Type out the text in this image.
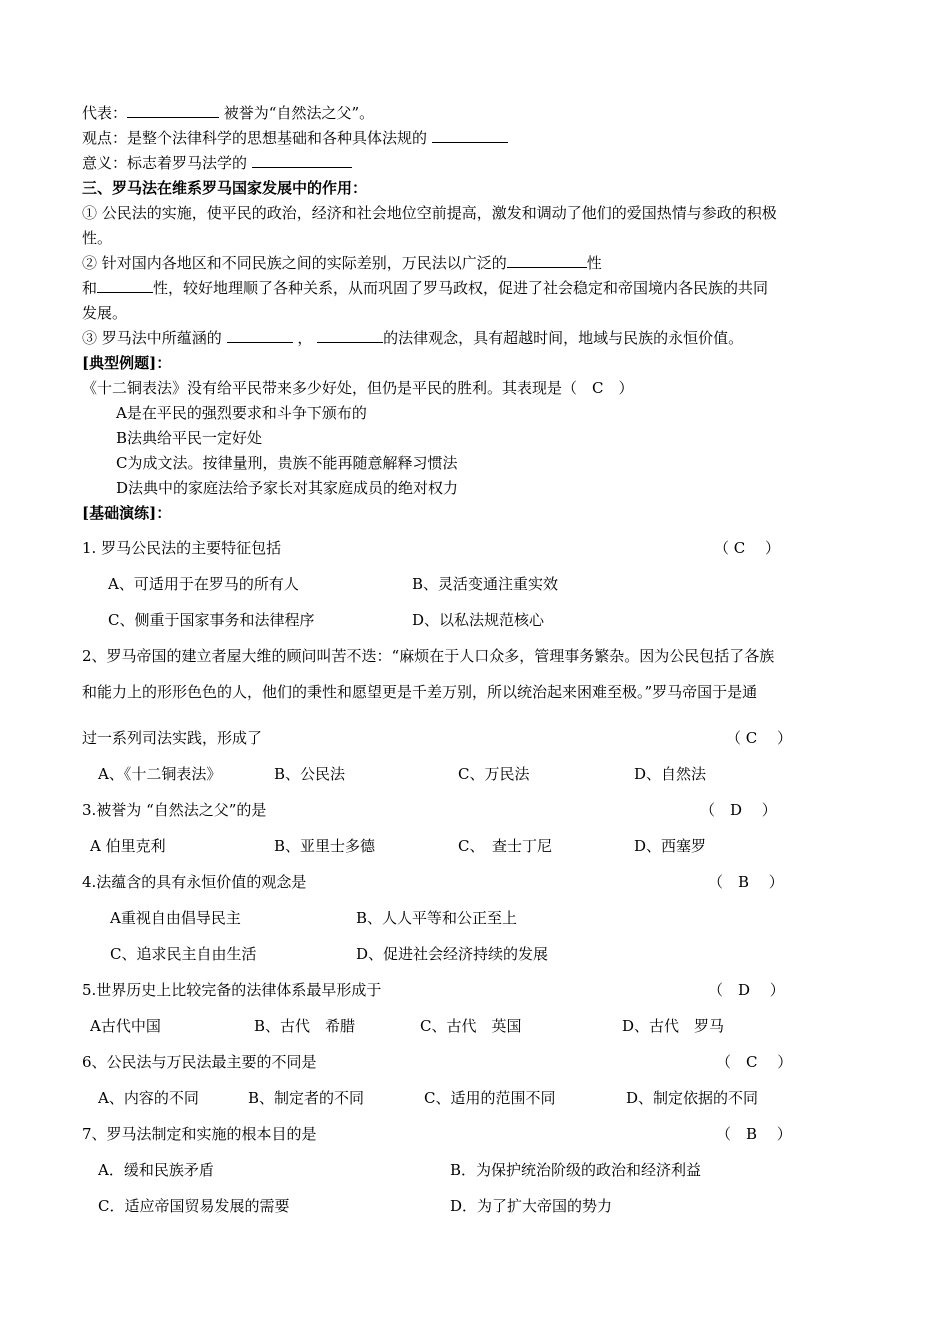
代表：	被誉为“自然法之父”。
观点：是整个法律科学的思想基础和各种具体法规的
意义：标志着罗马法学的
三、罗马法在维系罗马国家发展中的作用：
① 公民法的实施，使平民的政治，经济和社会地位空前提高，激发和调动了他们的爱国热情与参政的积极
性。
② 针对国内各地区和不同民族之间的实际差别，万民法以广泛的	性
和	性，较好地理顺了各种关系，从而巩固了罗马政权，促进了社会稳定和帝国境内各民族的共同
发展。
③ 罗马法中所蕴涵的	，	的法律观念，具有超越时间，地域与民族的永恒价值。
[典型例题]：
《十二铜表法》没有给平民带来多少好处，但仍是平民的胜利。其表现是（　C　）
A是在平民的强烈要求和斗争下颁布的
B法典给平民一定好处
C为成文法。按律量刑，贵族不能再随意解释习惯法
D法典中的家庭法给予家长对其家庭成员的绝对权力
[基础演练]：
1. 罗马公民法的主要特征包括	（ C　 ）
A、可适用于在罗马的所有人	B、灵活变通注重实效
C、侧重于国家事务和法律程序	D、以私法规范核心
2、罗马帝国的建立者屋大维的顾问叫苦不迭：“麻烦在于人口众多，管理事务繁杂。因为公民包括了各族
和能力上的形形色色的人，他们的秉性和愿望更是千差万别，所以统治起来困难至极。”罗马帝国于是通
过一系列司法实践，形成了	（ C　 ）
A、《十二铜表法》	B、公民法	C、万民法	D、自然法
3.被誉为 “自然法之父”的是	（　D　 ）
A 伯里克利	B、亚里士多德	C、　查士丁尼	D、西塞罗
4.法蕴含的具有永恒价值的观念是	（　B　 ）
A重视自由倡导民主	B、人人平等和公正至上
C、追求民主自由生活	D、促进社会经济持续的发展
5.世界历史上比较完备的法律体系最早形成于	（　D　 ）
A古代中国	B、古代　希腊	C、古代　英国	D、古代　罗马
6、公民法与万民法最主要的不同是	（　C　 ）
A、内容的不同	B、制定者的不同	C、适用的范围不同	D、制定依据的不同
7、罗马法制定和实施的根本目的是	（　B　 ）
A．缓和民族矛盾	B．为保护统治阶级的政治和经济利益
C．适应帝国贸易发展的需要	D．为了扩大帝国的势力
